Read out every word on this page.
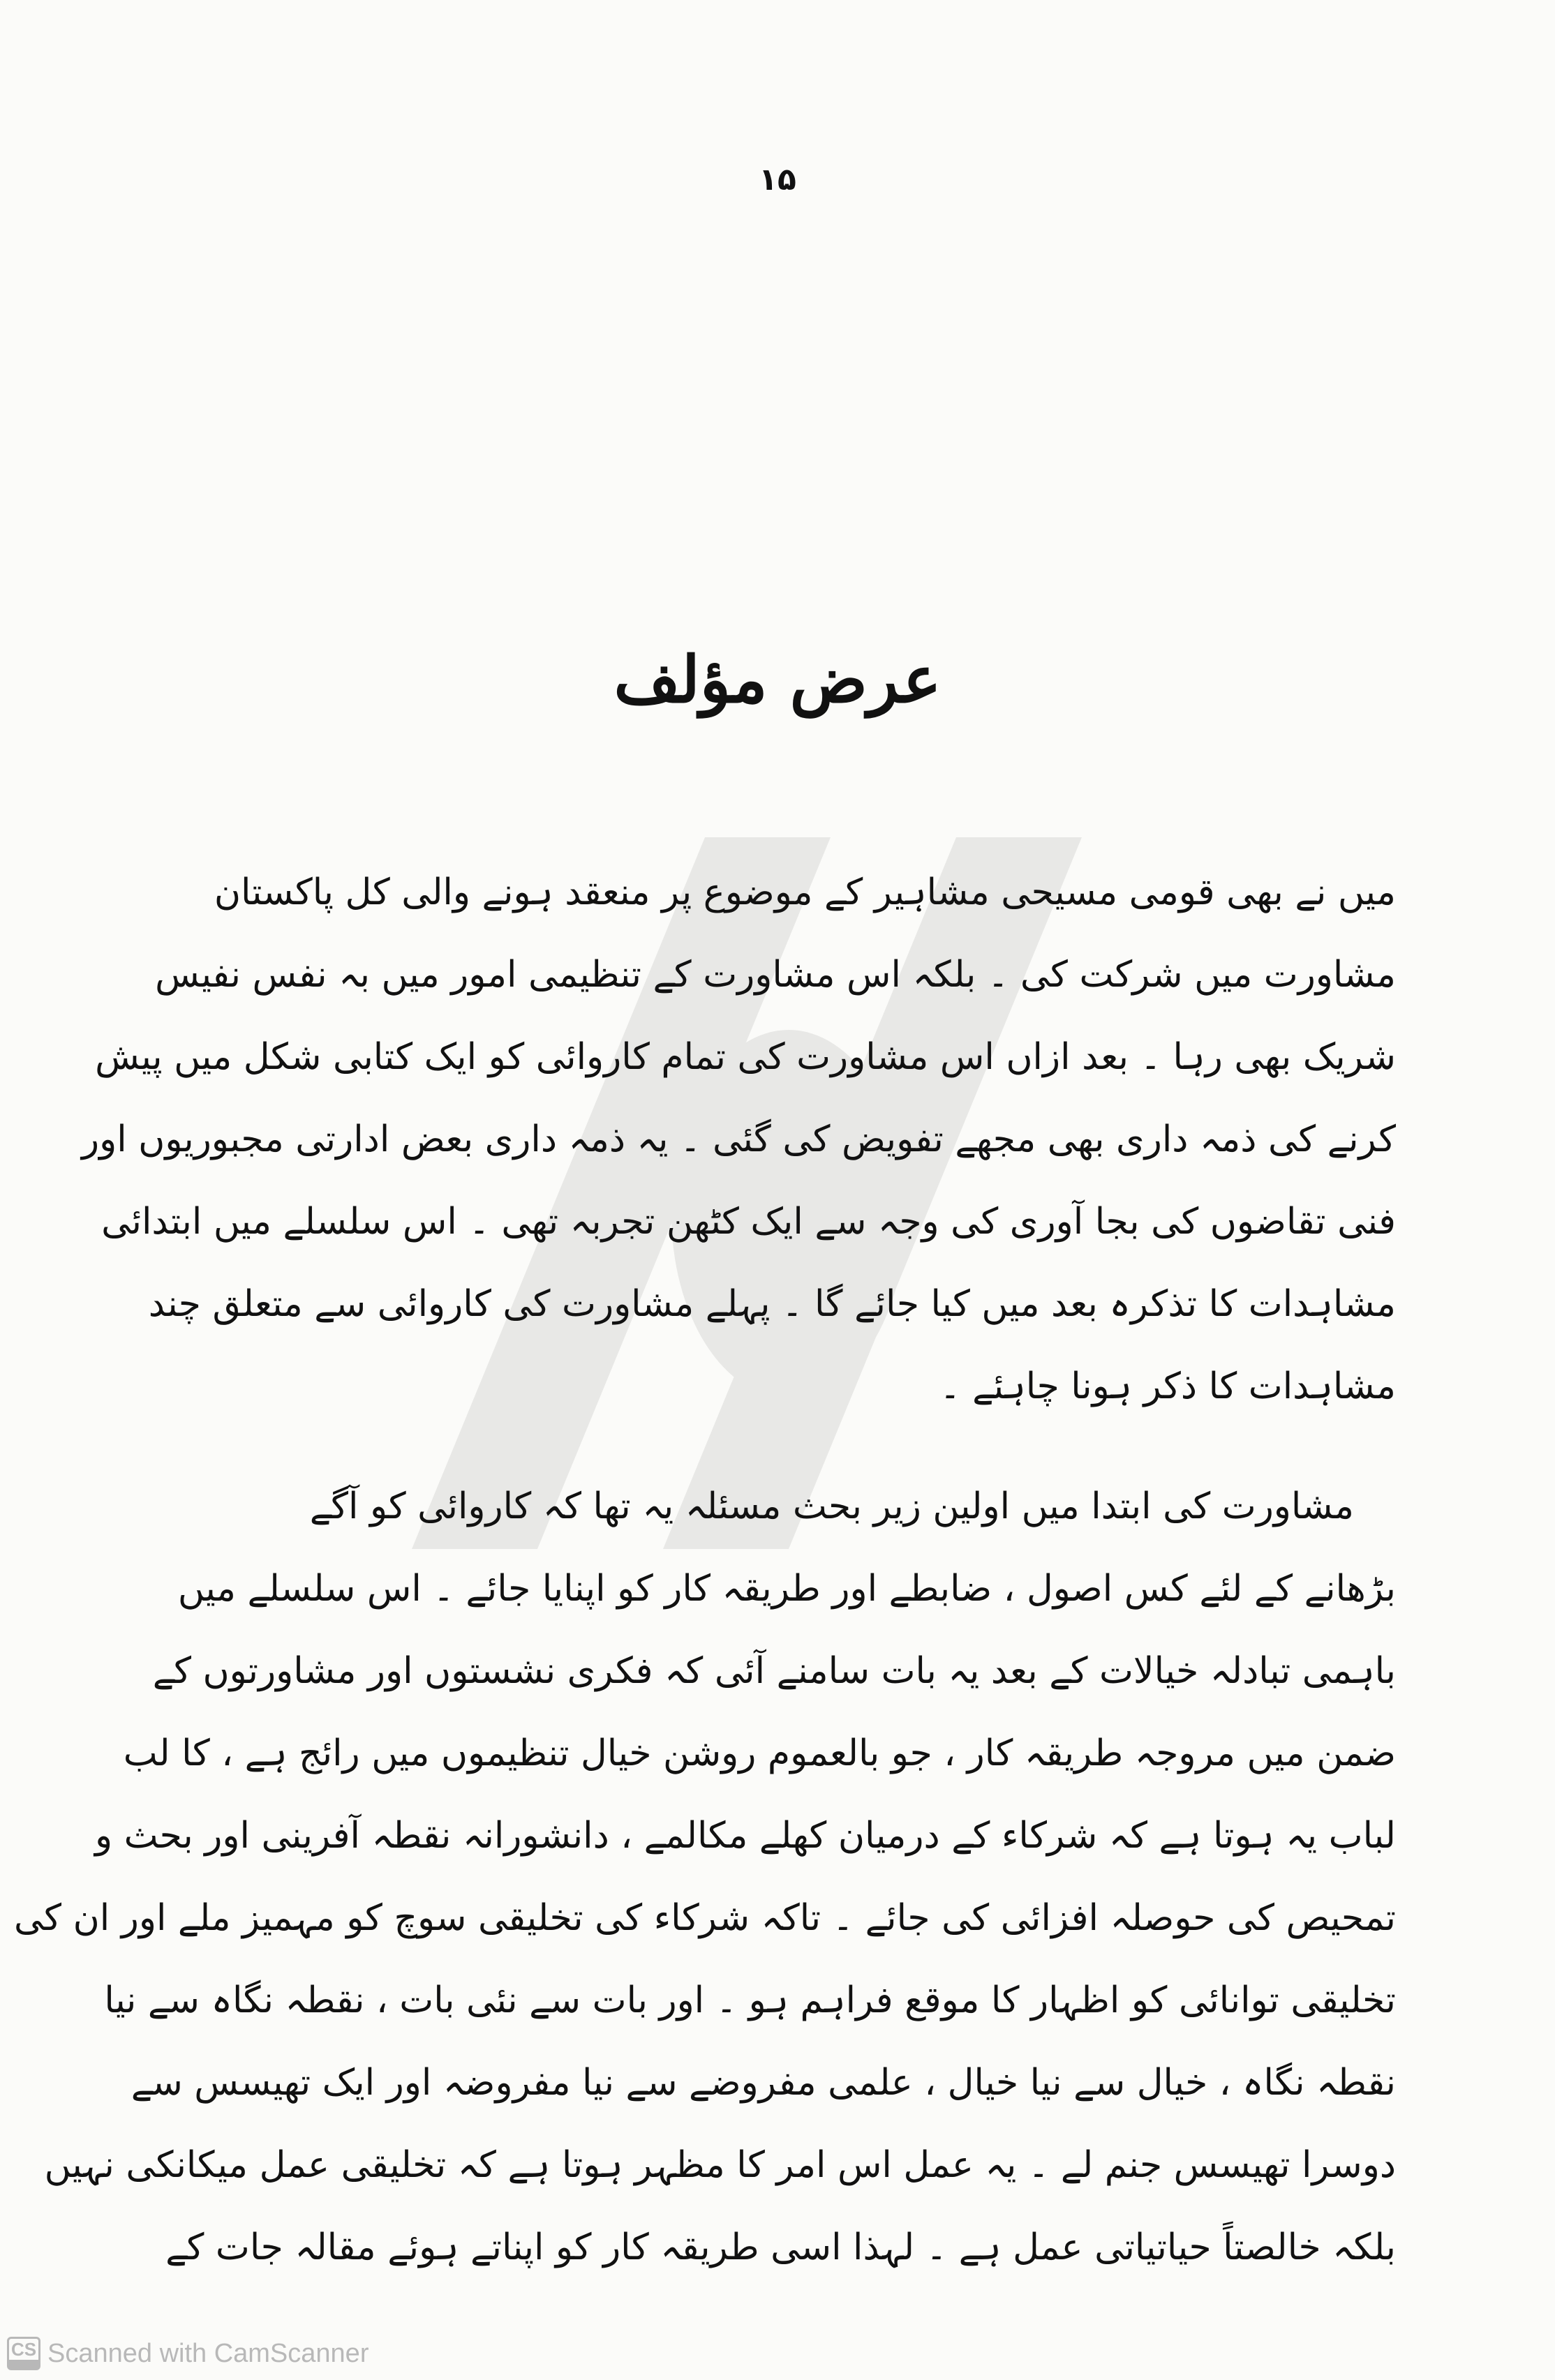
۱۵
عرض مؤلف
میں نے بھی قومی مسیحی مشاہیر کے موضوع پر منعقد ہونے والی کل پاکستان
مشاورت میں شرکت کی ۔ بلکہ اس مشاورت کے تنظیمی امور میں بہ نفس نفیس
شریک بھی رہا ۔ بعد ازاں اس مشاورت کی تمام کاروائی کو ایک کتابی شکل میں پیش
کرنے کی ذمہ داری بھی مجھے تفویض کی گئی ۔ یہ ذمہ داری بعض ادارتی مجبوریوں اور
فنی تقاضوں کی بجا آوری کی وجہ سے ایک کٹھن تجربہ تھی ۔ اس سلسلے میں ابتدائی
مشاہدات کا تذکرہ بعد میں کیا جائے گا ۔ پہلے مشاورت کی کاروائی سے متعلق چند
مشاہدات کا ذکر ہونا چاہئے ۔
مشاورت کی ابتدا میں اولین زیر بحث مسئلہ یہ تھا کہ کاروائی کو آگے
بڑھانے کے لئے کس اصول ، ضابطے اور طریقہ کار کو اپنایا جائے ۔ اس سلسلے میں
باہمی تبادلہ خیالات کے بعد یہ بات سامنے آئی کہ فکری نشستوں اور مشاورتوں کے
ضمن میں مروجہ طریقہ کار ، جو بالعموم روشن خیال تنظیموں میں رائج ہے ، کا لب
لباب یہ ہوتا ہے کہ شرکاء کے درمیان کھلے مکالمے ، دانشورانہ نقطہ آفرینی اور بحث و
تمحیص کی حوصلہ افزائی کی جائے ۔ تاکہ شرکاء کی تخلیقی سوچ کو مہمیز ملے اور ان کی
تخلیقی توانائی کو اظہار کا موقع فراہم ہو ۔ اور بات سے نئی بات ، نقطہ نگاہ سے نیا
نقطہ نگاہ ، خیال سے نیا خیال ، علمی مفروضے سے نیا مفروضہ اور ایک تھیسس سے
دوسرا تھیسس جنم لے ۔ یہ عمل اس امر کا مظہر ہوتا ہے کہ تخلیقی عمل میکانکی نہیں
بلکہ خالصتاً حیاتیاتی عمل ہے ۔ لہذا اسی طریقہ کار کو اپناتے ہوئے مقالہ جات کے
CS Scanned with CamScanner
